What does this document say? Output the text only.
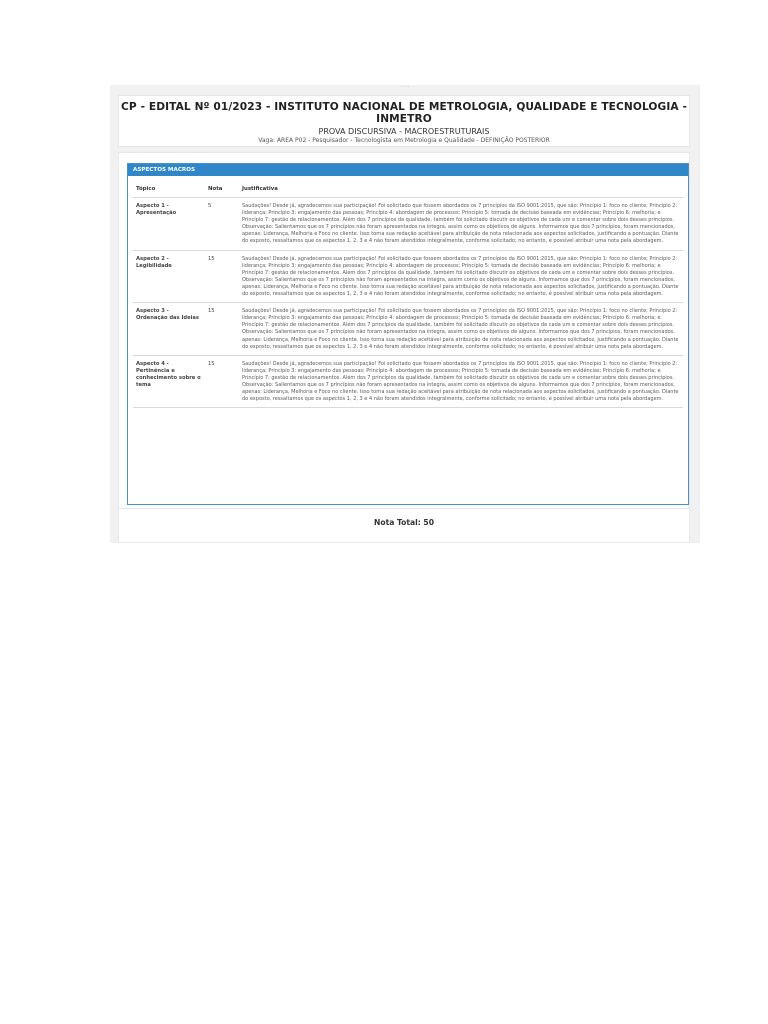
· · ·
CP - EDITAL Nº 01/2023 - INSTITUTO NACIONAL DE METROLOGIA, QUALIDADE E TECNOLOGIA - INMETRO
PROVA DISCURSIVA - MACROESTRUTURAIS
Vaga: AREA P02 - Pesquisador - Tecnologista em Metrologia e Qualidade - DEFINIÇÃO POSTERIOR
ASPECTOS MACROS
Tópico	Nota	Justificativa
Aspecto 1 - Apresentação	5	Saudações! Desde já, agradecemos sua participação! Foi solicitado que fossem abordados os 7 princípios da ISO 9001:2015, que são: Princípio 1: foco no cliente; Princípio 2: liderança; Princípio 3: engajamento das pessoas; Princípio 4: abordagem de processos; Princípio 5: tomada de decisão baseada em evidências; Princípio 6: melhoria; e Princípio 7: gestão de relacionamentos. Além dos 7 princípios da qualidade, também foi solicitado discutir os objetivos de cada um e comentar sobre dois desses princípios. Observação: Salientamos que os 7 princípios não foram apresentados na íntegra, assim como os objetivos de alguns. Informamos que dos 7 princípios, foram mencionados, apenas: Liderança, Melhoria e Foco no cliente. Isso torna sua redação aceitável para atribuição de nota relacionada aos aspectos solicitados, justificando a pontuação. Diante do exposto, ressaltamos que os aspectos 1, 2, 3 e 4 não foram atendidos integralmente, conforme solicitado; no entanto, é possível atribuir uma nota pela abordagem.
Aspecto 2 - Legibilidade	15	Saudações! Desde já, agradecemos sua participação! Foi solicitado que fossem abordados os 7 princípios da ISO 9001:2015, que são: Princípio 1: foco no cliente; Princípio 2: liderança; Princípio 3: engajamento das pessoas; Princípio 4: abordagem de processos; Princípio 5: tomada de decisão baseada em evidências; Princípio 6: melhoria; e Princípio 7: gestão de relacionamentos. Além dos 7 princípios da qualidade, também foi solicitado discutir os objetivos de cada um e comentar sobre dois desses princípios. Observação: Salientamos que os 7 princípios não foram apresentados na íntegra, assim como os objetivos de alguns. Informamos que dos 7 princípios, foram mencionados, apenas: Liderança, Melhoria e Foco no cliente. Isso torna sua redação aceitável para atribuição de nota relacionada aos aspectos solicitados, justificando a pontuação. Diante do exposto, ressaltamos que os aspectos 1, 2, 3 e 4 não foram atendidos integralmente, conforme solicitado; no entanto, é possível atribuir uma nota pela abordagem.
Aspecto 3 - Ordenação das Ideias	15	Saudações! Desde já, agradecemos sua participação! Foi solicitado que fossem abordados os 7 princípios da ISO 9001:2015, que são: Princípio 1: foco no cliente; Princípio 2: liderança; Princípio 3: engajamento das pessoas; Princípio 4: abordagem de processos; Princípio 5: tomada de decisão baseada em evidências; Princípio 6: melhoria; e Princípio 7: gestão de relacionamentos. Além dos 7 princípios da qualidade, também foi solicitado discutir os objetivos de cada um e comentar sobre dois desses princípios. Observação: Salientamos que os 7 princípios não foram apresentados na íntegra, assim como os objetivos de alguns. Informamos que dos 7 princípios, foram mencionados, apenas: Liderança, Melhoria e Foco no cliente. Isso torna sua redação aceitável para atribuição de nota relacionada aos aspectos solicitados, justificando a pontuação. Diante do exposto, ressaltamos que os aspectos 1, 2, 3 e 4 não foram atendidos integralmente, conforme solicitado; no entanto, é possível atribuir uma nota pela abordagem.
Aspecto 4 - Pertinência e conhecimento sobre o tema	15	Saudações! Desde já, agradecemos sua participação! Foi solicitado que fossem abordados os 7 princípios da ISO 9001:2015, que são: Princípio 1: foco no cliente; Princípio 2: liderança; Princípio 3: engajamento das pessoas; Princípio 4: abordagem de processos; Princípio 5: tomada de decisão baseada em evidências; Princípio 6: melhoria; e Princípio 7: gestão de relacionamentos. Além dos 7 princípios da qualidade, também foi solicitado discutir os objetivos de cada um e comentar sobre dois desses princípios. Observação: Salientamos que os 7 princípios não foram apresentados na íntegra, assim como os objetivos de alguns. Informamos que dos 7 princípios, foram mencionados, apenas: Liderança, Melhoria e Foco no cliente. Isso torna sua redação aceitável para atribuição de nota relacionada aos aspectos solicitados, justificando a pontuação. Diante do exposto, ressaltamos que os aspectos 1, 2, 3 e 4 não foram atendidos integralmente, conforme solicitado; no entanto, é possível atribuir uma nota pela abordagem.
Nota Total: 50
